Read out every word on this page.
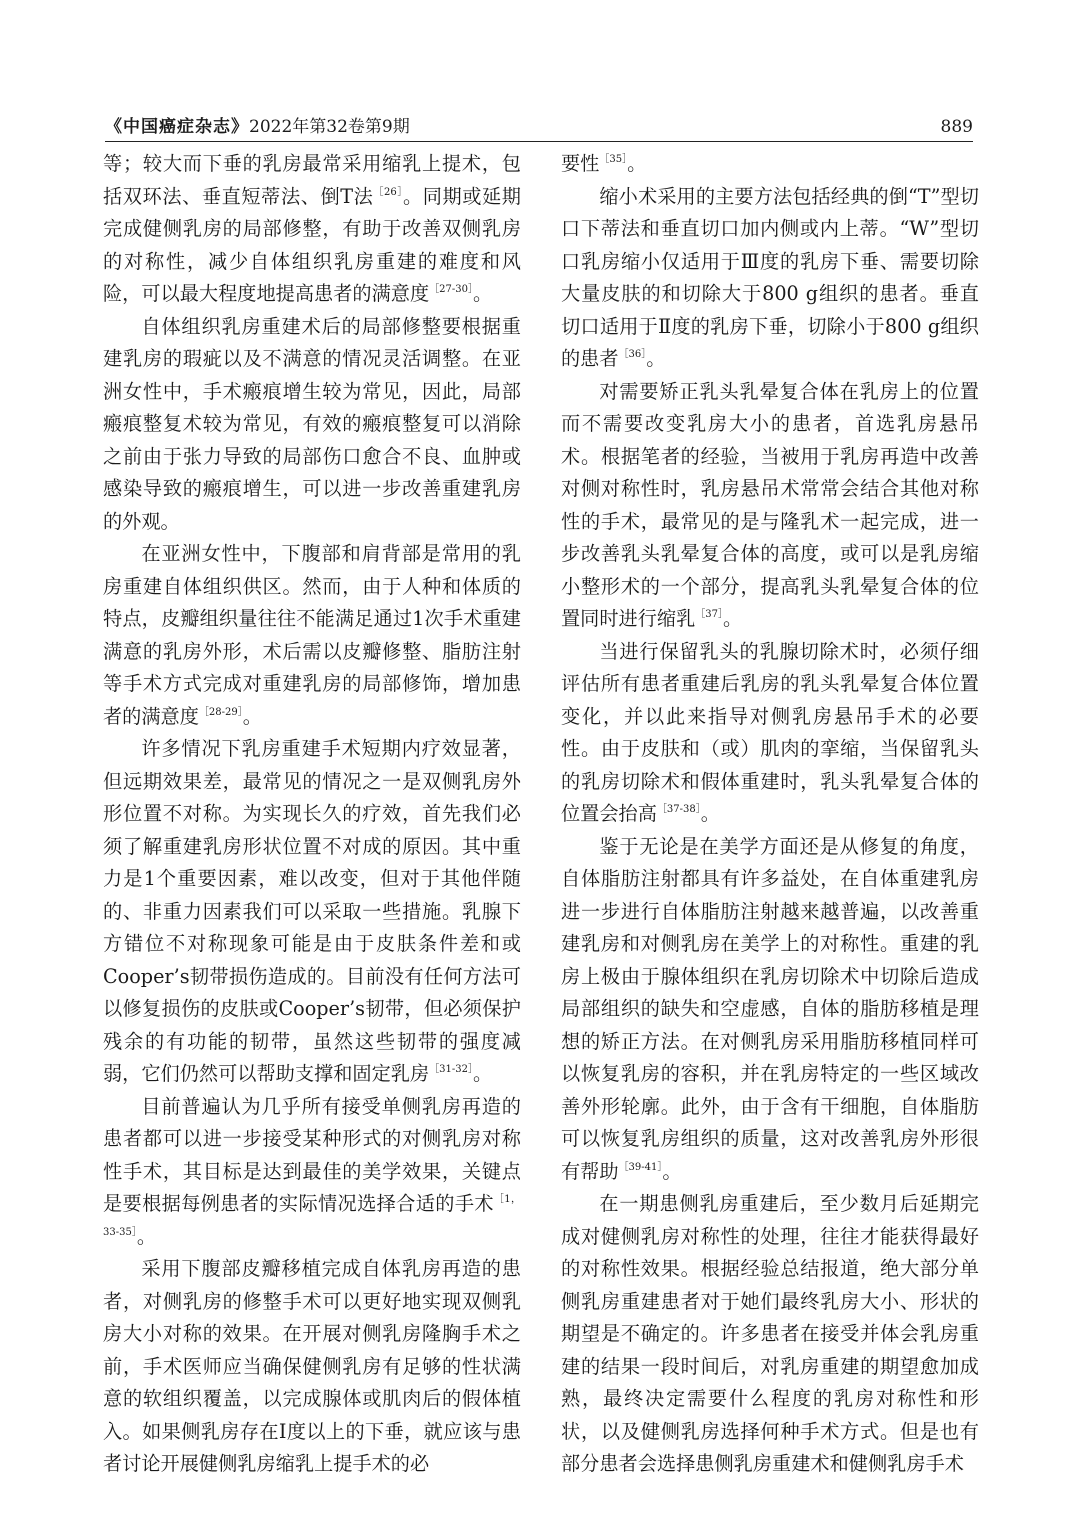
《中国癌症杂志》2022年第32卷第9期	889

等；较大而下垂的乳房最常采用缩乳上提术，包括双环法、垂直短蒂法、倒T法$^{[26]}$。同期或延期完成健侧乳房的局部修整，有助于改善双侧乳房的对称性，减少自体组织乳房重建的难度和风险，可以最大程度地提高患者的满意度$^{[27-30]}$。

自体组织乳房重建术后的局部修整要根据重建乳房的瑕疵以及不满意的情况灵活调整。在亚洲女性中，手术瘢痕增生较为常见，因此，局部瘢痕整复术较为常见，有效的瘢痕整复可以消除之前由于张力导致的局部伤口愈合不良、血肿或感染导致的瘢痕增生，可以进一步改善重建乳房的外观。

在亚洲女性中，下腹部和肩背部是常用的乳房重建自体组织供区。然而，由于人种和体质的特点，皮瓣组织量往往不能满足通过1次手术重建满意的乳房外形，术后需以皮瓣修整、脂肪注射等手术方式完成对重建乳房的局部修饰，增加患者的满意度$^{[28-29]}$。

许多情况下乳房重建手术短期内疗效显著，但远期效果差，最常见的情况之一是双侧乳房外形位置不对称。为实现长久的疗效，首先我们必须了解重建乳房形状位置不对成的原因。其中重力是1个重要因素，难以改变，但对于其他伴随的、非重力因素我们可以采取一些措施。乳腺下方错位不对称现象可能是由于皮肤条件差和或Cooper’s韧带损伤造成的。目前没有任何方法可以修复损伤的皮肤或Cooper’s韧带，但必须保护残余的有功能的韧带，虽然这些韧带的强度减弱，它们仍然可以帮助支撑和固定乳房$^{[31-32]}$。

目前普遍认为几乎所有接受单侧乳房再造的患者都可以进一步接受某种形式的对侧乳房对称性手术，其目标是达到最佳的美学效果，关键点是要根据每例患者的实际情况选择合适的手术$^{[1,33-35]}$。

采用下腹部皮瓣移植完成自体乳房再造的患者，对侧乳房的修整手术可以更好地实现双侧乳房大小对称的效果。在开展对侧乳房隆胸手术之前，手术医师应当确保健侧乳房有足够的性状满意的软组织覆盖，以完成腺体或肌肉后的假体植入。如果侧乳房存在Ⅰ度以上的下垂，就应该与患者讨论开展健侧乳房缩乳上提手术的必

要性$^{[35]}$。

缩小术采用的主要方法包括经典的倒“T”型切口下蒂法和垂直切口加内侧或内上蒂。“W”型切口乳房缩小仅适用于Ⅲ度的乳房下垂、需要切除大量皮肤的和切除大于800 g组织的患者。垂直切口适用于Ⅱ度的乳房下垂，切除小于800 g组织的患者$^{[36]}$。

对需要矫正乳头乳晕复合体在乳房上的位置而不需要改变乳房大小的患者，首选乳房悬吊术。根据笔者的经验，当被用于乳房再造中改善对侧对称性时，乳房悬吊术常常会结合其他对称性的手术，最常见的是与隆乳术一起完成，进一步改善乳头乳晕复合体的高度，或可以是乳房缩小整形术的一个部分，提高乳头乳晕复合体的位置同时进行缩乳$^{[37]}$。

当进行保留乳头的乳腺切除术时，必须仔细评估所有患者重建后乳房的乳头乳晕复合体位置变化，并以此来指导对侧乳房悬吊手术的必要性。由于皮肤和（或）肌肉的挛缩，当保留乳头的乳房切除术和假体重建时，乳头乳晕复合体的位置会抬高$^{[37-38]}$。

鉴于无论是在美学方面还是从修复的角度，自体脂肪注射都具有许多益处，在自体重建乳房进一步进行自体脂肪注射越来越普遍，以改善重建乳房和对侧乳房在美学上的对称性。重建的乳房上极由于腺体组织在乳房切除术中切除后造成局部组织的缺失和空虚感，自体的脂肪移植是理想的矫正方法。在对侧乳房采用脂肪移植同样可以恢复乳房的容积，并在乳房特定的一些区域改善外形轮廓。此外，由于含有干细胞，自体脂肪可以恢复乳房组织的质量，这对改善乳房外形很有帮助$^{[39-41]}$。

在一期患侧乳房重建后，至少数月后延期完成对健侧乳房对称性的处理，往往才能获得最好的对称性效果。根据经验总结报道，绝大部分单侧乳房重建患者对于她们最终乳房大小、形状的期望是不确定的。许多患者在接受并体会乳房重建的结果一段时间后，对乳房重建的期望愈加成熟，最终决定需要什么程度的乳房对称性和形状，以及健侧乳房选择何种手术方式。但是也有部分患者会选择患侧乳房重建术和健侧乳房手术
